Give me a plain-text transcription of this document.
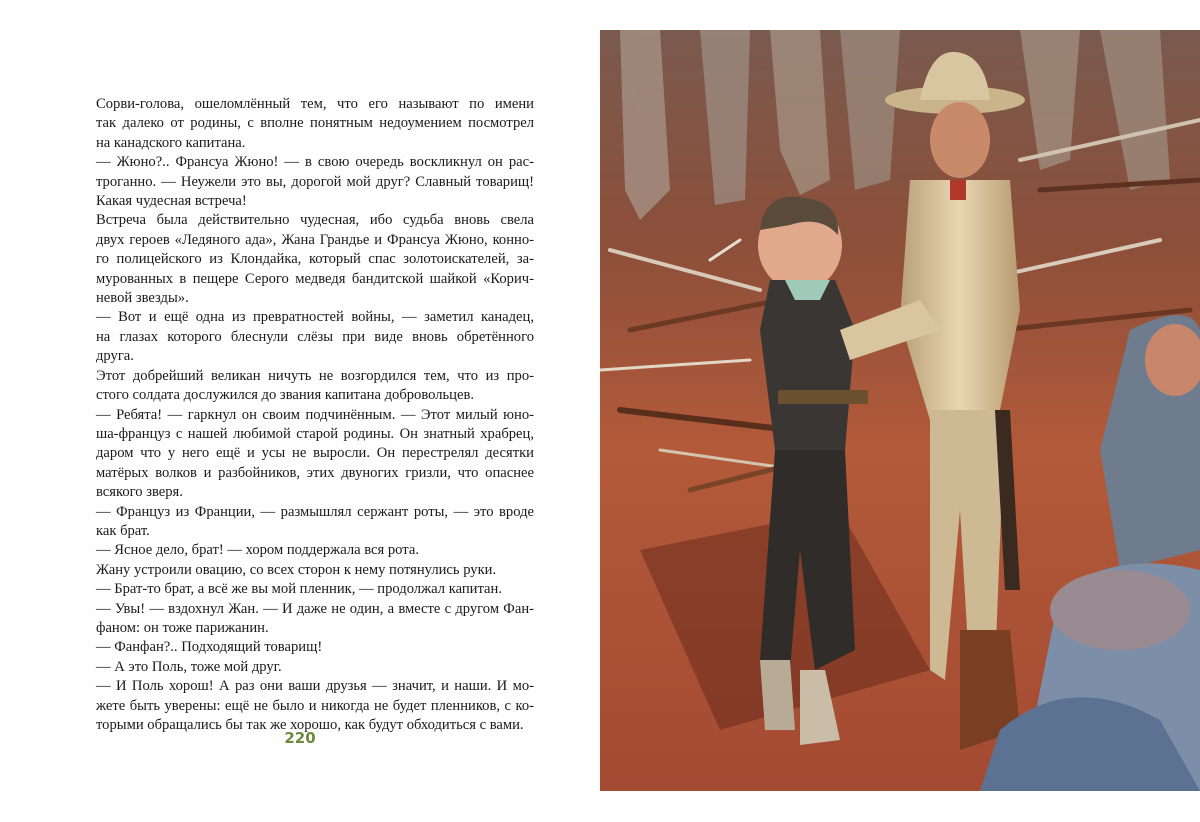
Сорви-голова, ошеломлённый тем, что его называют по имени
так далеко от родины, с вполне понятным недоумением посмотрел
на канадского капитана.
— Жюно?.. Франсуа Жюно! — в свою очередь воскликнул он рас-
троганно. — Неужели это вы, дорогой мой друг? Славный товарищ!
Какая чудесная встреча!
Встреча была действительно чудесная, ибо судьба вновь свела
двух героев «Ледяного ада», Жана Грандье и Франсуа Жюно, конно-
го полицейского из Клондайка, который спас золотоискателей, за-
мурованных в пещере Серого медведя бандитской шайкой «Корич-
невой звезды».
— Вот и ещё одна из превратностей войны, — заметил канадец,
на глазах которого блеснули слёзы при виде вновь обретённого
друга.
Этот добрейший великан ничуть не возгордился тем, что из про-
стого солдата дослужился до звания капитана добровольцев.
— Ребята! — гаркнул он своим подчинённым. — Этот милый юно-
ша-француз с нашей любимой старой родины. Он знатный храбрец,
даром что у него ещё и усы не выросли. Он перестрелял десятки
матёрых волков и разбойников, этих двуногих гризли, что опаснее
всякого зверя.
— Француз из Франции, — размышлял сержант роты, — это вроде
как брат.
— Ясное дело, брат! — хором поддержала вся рота.
Жану устроили овацию, со всех сторон к нему потянулись руки.
— Брат-то брат, а всё же вы мой пленник, — продолжал капитан.
— Увы! — вздохнул Жан. — И даже не один, а вместе с другом Фан-
фаном: он тоже парижанин.
— Фанфан?.. Подходящий товарищ!
— А это Поль, тоже мой друг.
— И Поль хорош! А раз они ваши друзья — значит, и наши. И мо-
жете быть уверены: ещё не было и никогда не будет пленников, с ко-
торыми обращались бы так же хорошо, как будут обходиться с вами.
220
